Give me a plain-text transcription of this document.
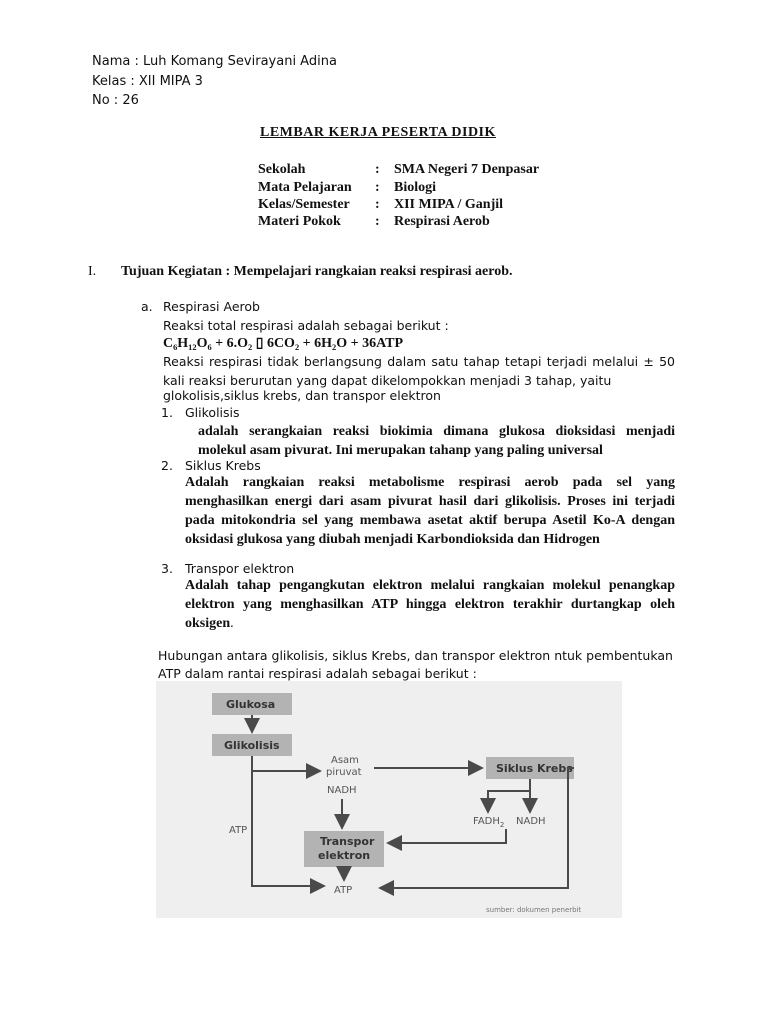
Nama : Luh Komang Sevirayani Adina
Kelas : XII MIPA 3
No : 26
LEMBAR KERJA PESERTA DIDIK
Sekolah	: SMA Negeri 7 Denpasar
Mata Pelajaran : Biologi
Kelas/Semester : XII MIPA / Ganjil
Materi Pokok : Respirasi Aerob
I. Tujuan Kegiatan : Mempelajari rangkaian reaksi respirasi aerob.
a. Respirasi Aerob
Reaksi total respirasi adalah sebagai berikut :
C₆H₁₂O₆ + 6.O₂ ▯ 6CO₂ + 6H₂O + 36ATP
Reaksi respirasi tidak berlangsung dalam satu tahap tetapi terjadi melalui ± 50 kali reaksi berurutan yang dapat dikelompokkan menjadi 3 tahap, yaitu
glokolisis,siklus krebs, dan transpor elektron
1. Glikolisis
adalah serangkaian reaksi biokimia dimana glukosa dioksidasi menjadi molekul asam pivurat. Ini merupakan tahanp yang paling universal
2. Siklus Krebs
Adalah rangkaian reaksi metabolisme respirasi aerob pada sel yang menghasilkan energi dari asam pivurat hasil dari glikolisis. Proses ini terjadi pada mitokondria sel yang membawa asetat aktif berupa Asetil Ko-A dengan oksidasi glukosa yang diubah menjadi Karbondioksida dan Hidrogen
3. Transpor elektron
Adalah tahap pengangkutan elektron melalui rangkaian molekul penangkap elektron yang menghasilkan ATP hingga elektron terakhir durtangkap oleh oksigen.
Hubungan antara glikolisis, siklus Krebs, dan transpor elektron ntuk pembentukan ATP dalam rantai respirasi adalah sebagai berikut :
Glukosa
Glikolisis
Siklus Krebs
Transpor
elektron
Asam
piruvat
NADH
$FADH_2$ NADH
ATP
ATP
sumber: dokumen penerbit
